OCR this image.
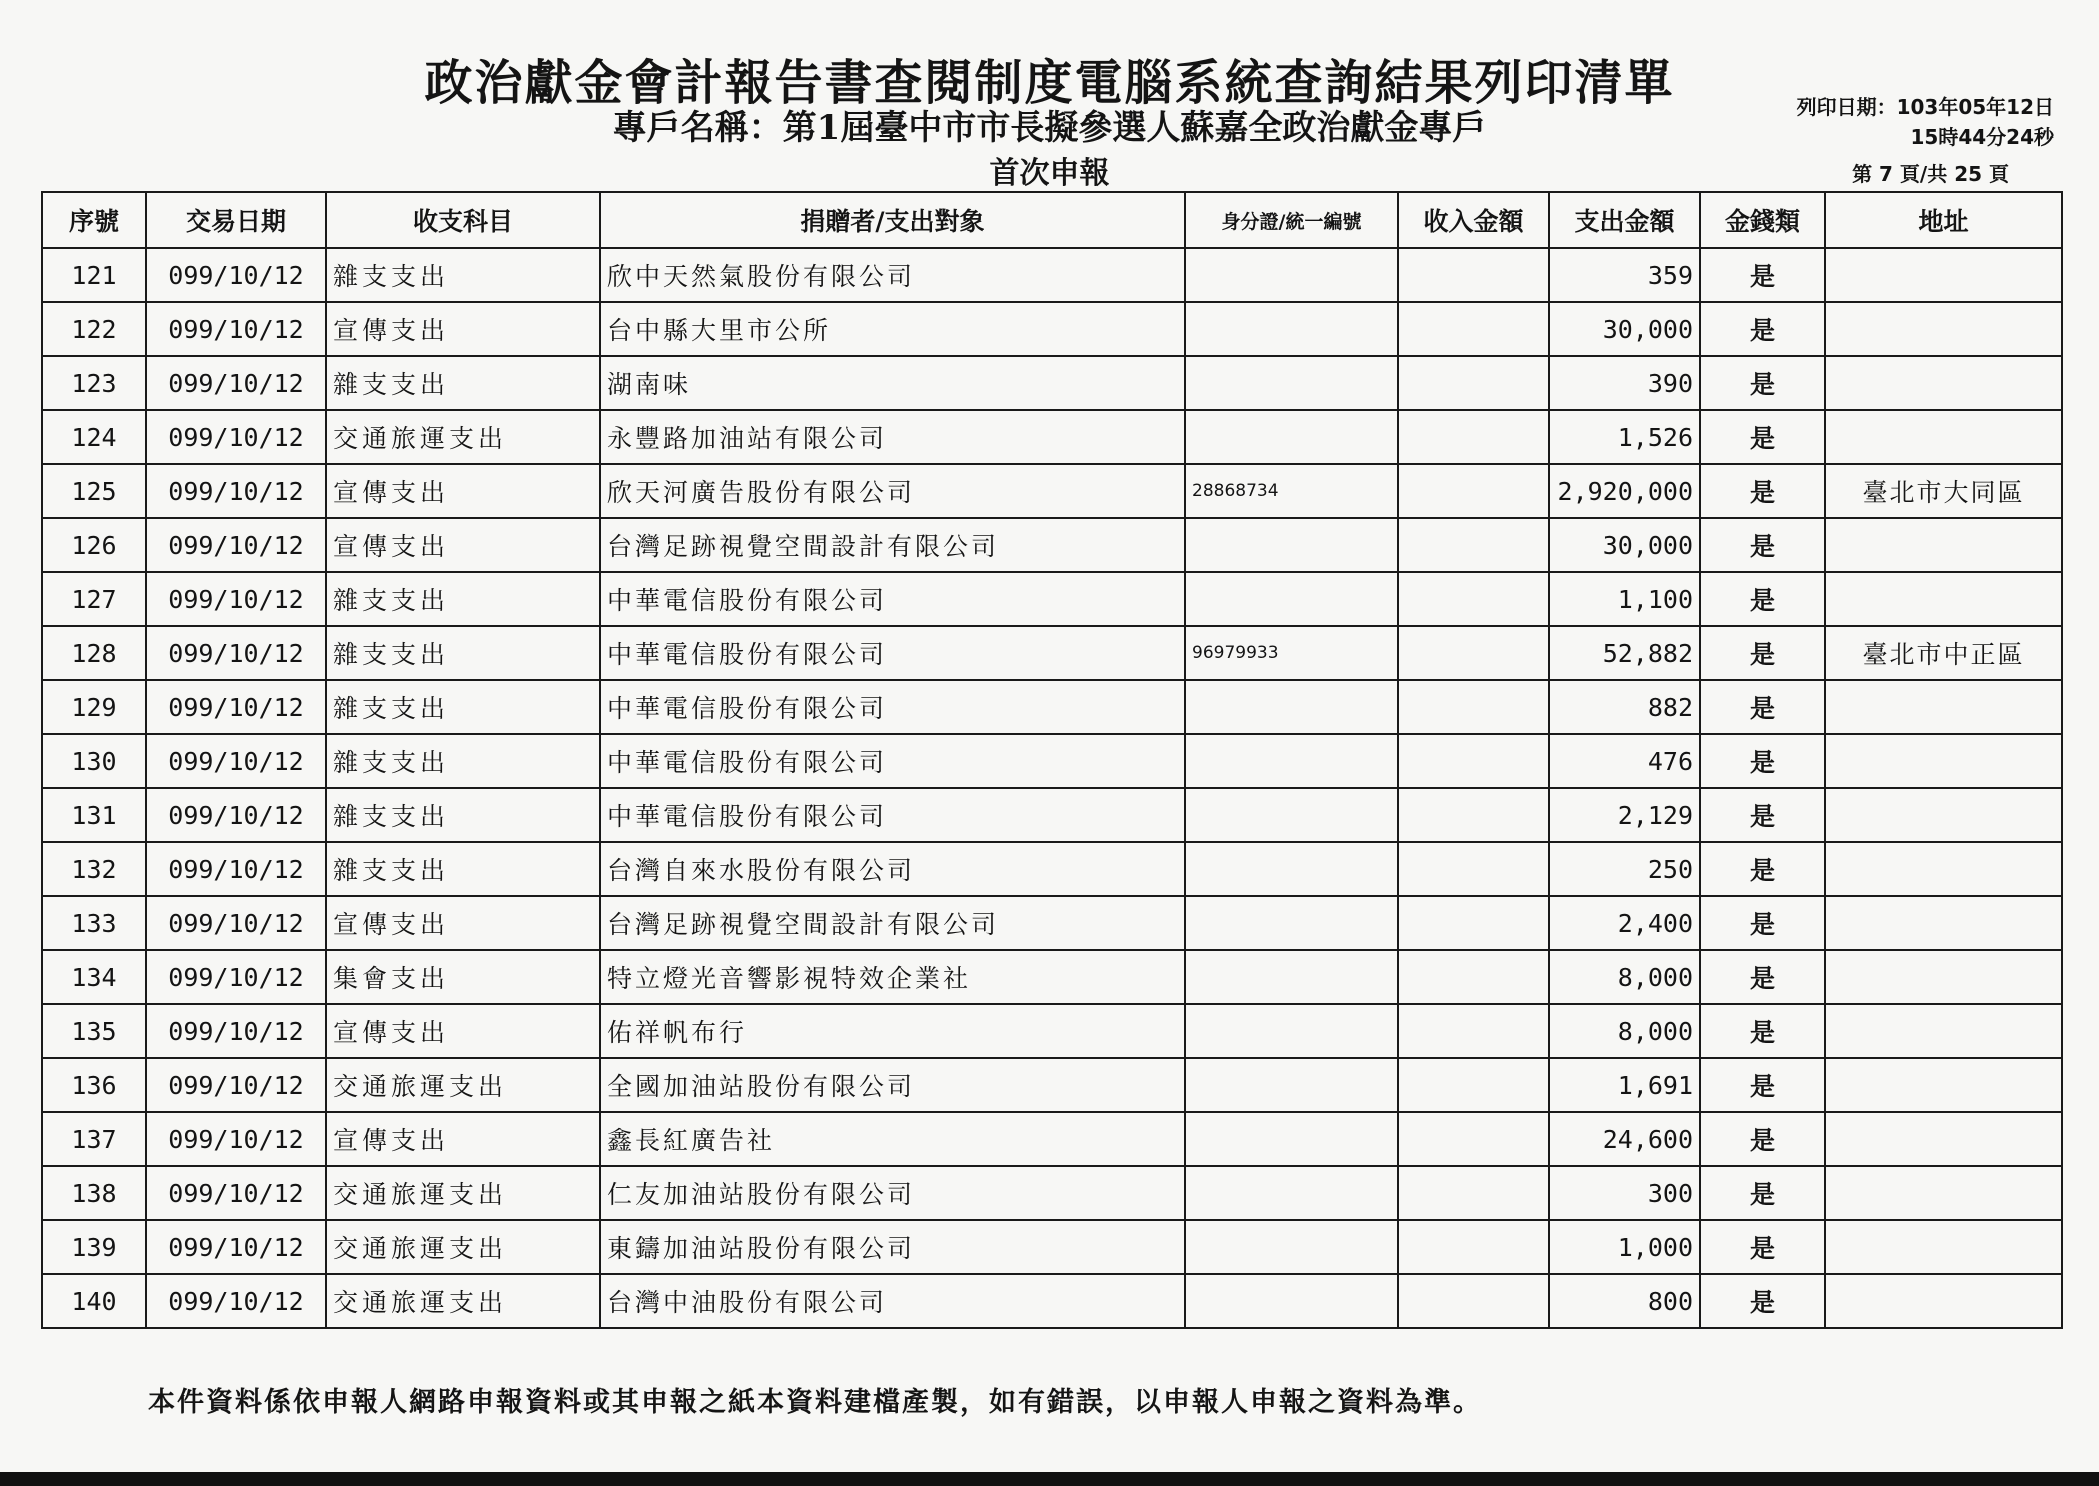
政治獻金會計報告書查閱制度電腦系統查詢結果列印清單
專戶名稱：第1屆臺中市市長擬參選人蘇嘉全政治獻金專戶
首次申報
列印日期：103年05年12日
15時44分24秒
第 7 頁/共 25 頁
序號	交易日期	收支科目	捐贈者/支出對象	身分證/統一編號	收入金額	支出金額	金錢類	地址
121	099/10/12	雜支支出	欣中天然氣股份有限公司			359	是	
122	099/10/12	宣傳支出	台中縣大里市公所			30,000	是	
123	099/10/12	雜支支出	湖南味			390	是	
124	099/10/12	交通旅運支出	永豐路加油站有限公司			1,526	是	
125	099/10/12	宣傳支出	欣天河廣告股份有限公司	28868734		2,920,000	是	臺北市大同區
126	099/10/12	宣傳支出	台灣足跡視覺空間設計有限公司			30,000	是	
127	099/10/12	雜支支出	中華電信股份有限公司			1,100	是	
128	099/10/12	雜支支出	中華電信股份有限公司	96979933		52,882	是	臺北市中正區
129	099/10/12	雜支支出	中華電信股份有限公司			882	是	
130	099/10/12	雜支支出	中華電信股份有限公司			476	是	
131	099/10/12	雜支支出	中華電信股份有限公司			2,129	是	
132	099/10/12	雜支支出	台灣自來水股份有限公司			250	是	
133	099/10/12	宣傳支出	台灣足跡視覺空間設計有限公司			2,400	是	
134	099/10/12	集會支出	特立燈光音響影視特效企業社			8,000	是	
135	099/10/12	宣傳支出	佑祥帆布行			8,000	是	
136	099/10/12	交通旅運支出	全國加油站股份有限公司			1,691	是	
137	099/10/12	宣傳支出	鑫長紅廣告社			24,600	是	
138	099/10/12	交通旅運支出	仁友加油站股份有限公司			300	是	
139	099/10/12	交通旅運支出	東鑄加油站股份有限公司			1,000	是	
140	099/10/12	交通旅運支出	台灣中油股份有限公司			800	是	
本件資料係依申報人網路申報資料或其申報之紙本資料建檔產製，如有錯誤，以申報人申報之資料為準。
